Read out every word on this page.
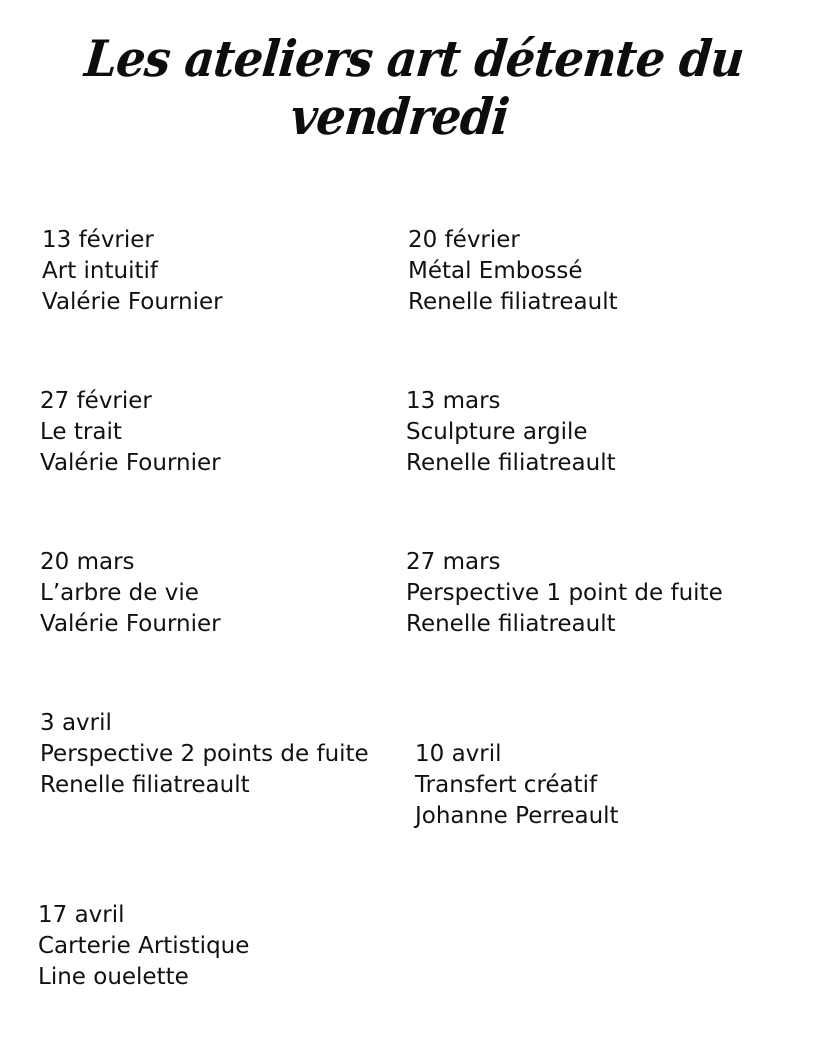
Les ateliers art détente du
vendredi
13 février
Art intuitif
Valérie Fournier
20 février
Métal Embossé
Renelle filiatreault
27 février
Le trait
Valérie Fournier
13 mars
Sculpture argile
Renelle filiatreault
20 mars
L’arbre de vie
Valérie Fournier
27 mars
Perspective 1 point de fuite
Renelle filiatreault
3 avril
Perspective 2 points de fuite
Renelle filiatreault
10 avril
Transfert créatif
Johanne Perreault
17 avril
Carterie Artistique
Line ouelette
